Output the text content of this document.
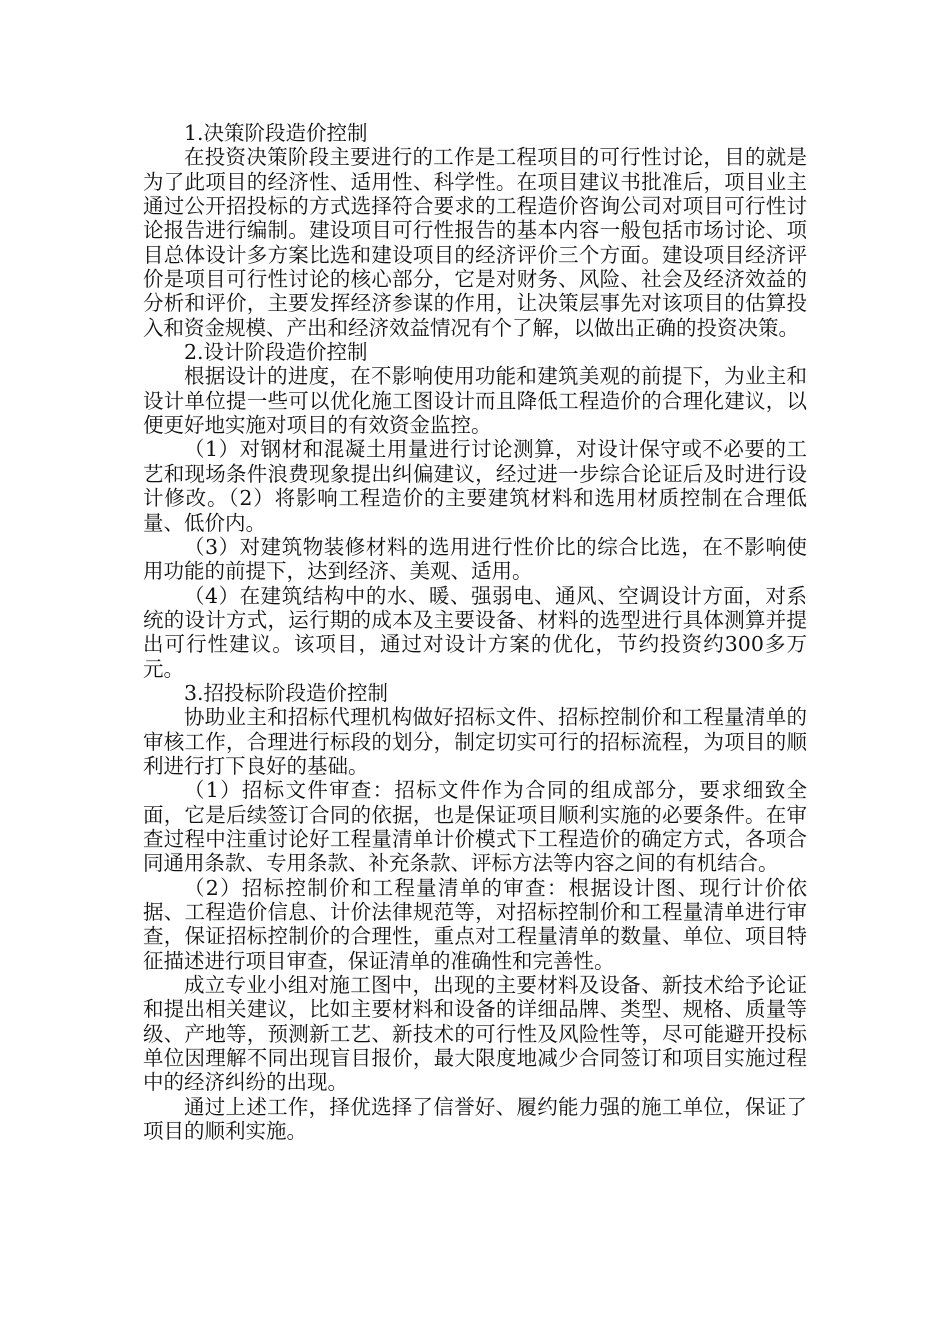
1.决策阶段造价控制

在投资决策阶段主要进行的工作是工程项目的可行性讨论，目的就是为了此项目的经济性、适用性、科学性。在项目建议书批准后，项目业主通过公开招投标的方式选择符合要求的工程造价咨询公司对项目可行性讨论报告进行编制。建设项目可行性报告的基本内容一般包括市场讨论、项目总体设计多方案比选和建设项目的经济评价三个方面。建设项目经济评价是项目可行性讨论的核心部分，它是对财务、风险、社会及经济效益的分析和评价，主要发挥经济参谋的作用，让决策层事先对该项目的估算投入和资金规模、产出和经济效益情况有个了解，以做出正确的投资决策。

2.设计阶段造价控制

根据设计的进度，在不影响使用功能和建筑美观的前提下，为业主和设计单位提一些可以优化施工图设计而且降低工程造价的合理化建议，以便更好地实施对项目的有效资金监控。

（1）对钢材和混凝土用量进行讨论测算，对设计保守或不必要的工艺和现场条件浪费现象提出纠偏建议，经过进一步综合论证后及时进行设计修改。（2）将影响工程造价的主要建筑材料和选用材质控制在合理低量、低价内。

（3）对建筑物装修材料的选用进行性价比的综合比选，在不影响使用功能的前提下，达到经济、美观、适用。

（4）在建筑结构中的水、暖、强弱电、通风、空调设计方面，对系统的设计方式，运行期的成本及主要设备、材料的选型进行具体测算并提出可行性建议。该项目，通过对设计方案的优化，节约投资约300多万元。

3.招投标阶段造价控制

协助业主和招标代理机构做好招标文件、招标控制价和工程量清单的审核工作，合理进行标段的划分，制定切实可行的招标流程，为项目的顺利进行打下良好的基础。

（1）招标文件审查：招标文件作为合同的组成部分，要求细致全面，它是后续签订合同的依据，也是保证项目顺利实施的必要条件。在审查过程中注重讨论好工程量清单计价模式下工程造价的确定方式，各项合同通用条款、专用条款、补充条款、评标方法等内容之间的有机结合。

（2）招标控制价和工程量清单的审查：根据设计图、现行计价依据、工程造价信息、计价法律规范等，对招标控制价和工程量清单进行审查，保证招标控制价的合理性，重点对工程量清单的数量、单位、项目特征描述进行项目审查，保证清单的准确性和完善性。

成立专业小组对施工图中，出现的主要材料及设备、新技术给予论证和提出相关建议，比如主要材料和设备的详细品牌、类型、规格、质量等级、产地等，预测新工艺、新技术的可行性及风险性等，尽可能避开投标单位因理解不同出现盲目报价，最大限度地减少合同签订和项目实施过程中的经济纠纷的出现。

通过上述工作，择优选择了信誉好、履约能力强的施工单位，保证了项目的顺利实施。
